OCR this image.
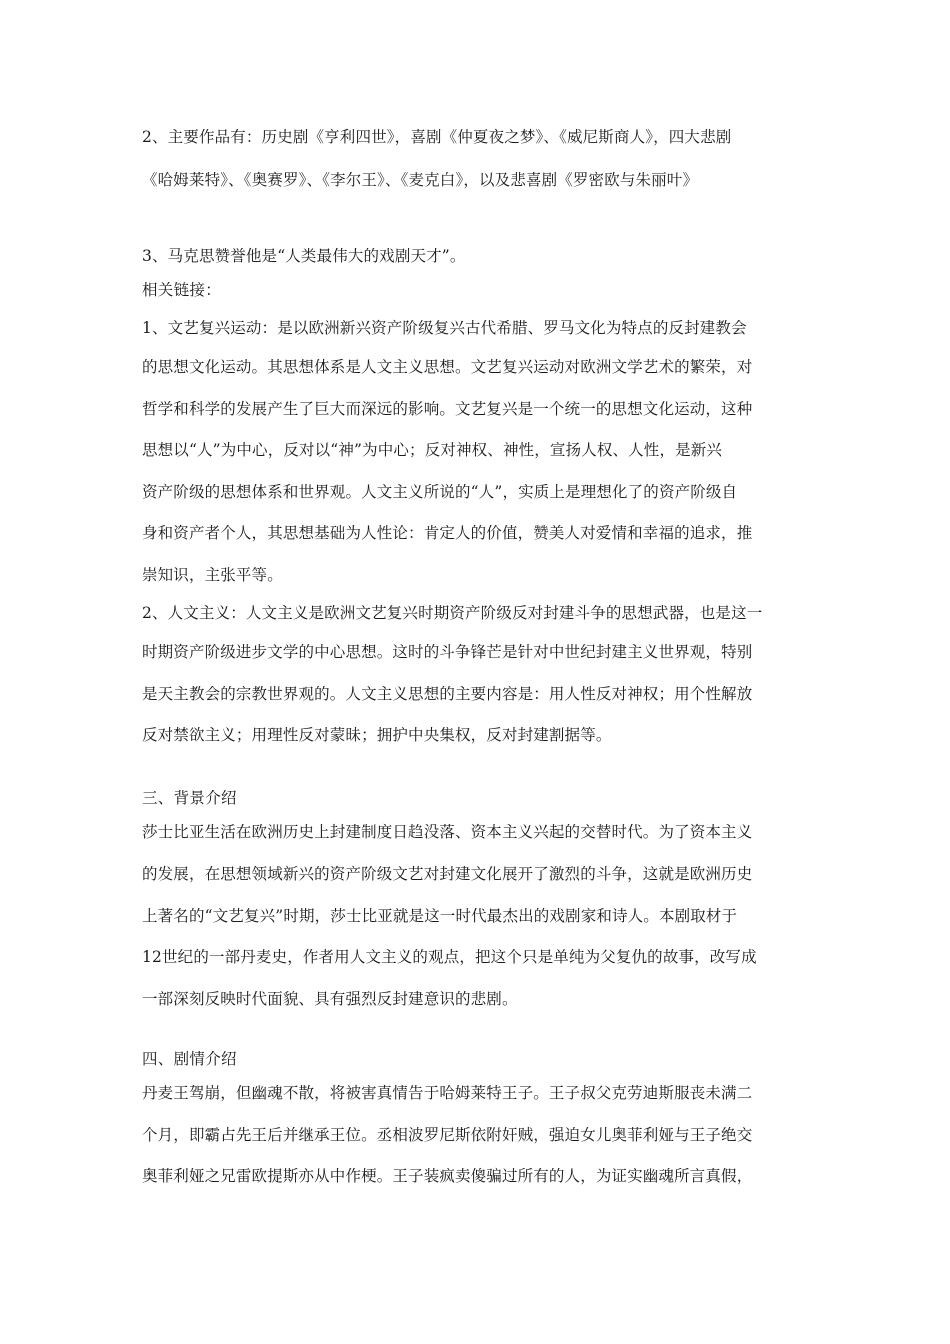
2、主要作品有：历史剧《亨利四世》，喜剧《仲夏夜之梦》、《威尼斯商人》，四大悲剧
《哈姆莱特》、《奥赛罗》、《李尔王》、《麦克白》，以及悲喜剧《罗密欧与朱丽叶》
3、马克思赞誉他是“人类最伟大的戏剧天才”。
相关链接：
1、文艺复兴运动：是以欧洲新兴资产阶级复兴古代希腊、罗马文化为特点的反封建教会
的思想文化运动。其思想体系是人文主义思想。文艺复兴运动对欧洲文学艺术的繁荣，对
哲学和科学的发展产生了巨大而深远的影响。文艺复兴是一个统一的思想文化运动，这种
思想以“人”为中心，反对以“神”为中心；反对神权、神性，宣扬人权、人性，是新兴
资产阶级的思想体系和世界观。人文主义所说的“人”，实质上是理想化了的资产阶级自
身和资产者个人，其思想基础为人性论：肯定人的价值，赞美人对爱情和幸福的追求，推
崇知识，主张平等。
2、人文主义：人文主义是欧洲文艺复兴时期资产阶级反对封建斗争的思想武器，也是这一
时期资产阶级进步文学的中心思想。这时的斗争锋芒是针对中世纪封建主义世界观，特别
是天主教会的宗教世界观的。人文主义思想的主要内容是：用人性反对神权；用个性解放
反对禁欲主义；用理性反对蒙昧；拥护中央集权，反对封建割据等。
三、背景介绍
莎士比亚生活在欧洲历史上封建制度日趋没落、资本主义兴起的交替时代。为了资本主义
的发展，在思想领域新兴的资产阶级文艺对封建文化展开了激烈的斗争，这就是欧洲历史
上著名的“文艺复兴”时期，莎士比亚就是这一时代最杰出的戏剧家和诗人。本剧取材于
12世纪的一部丹麦史，作者用人文主义的观点，把这个只是单纯为父复仇的故事，改写成
一部深刻反映时代面貌、具有强烈反封建意识的悲剧。
四、剧情介绍
丹麦王驾崩，但幽魂不散，将被害真情告于哈姆莱特王子。王子叔父克劳迪斯服丧未满二
个月，即霸占先王后并继承王位。丞相波罗尼斯依附奸贼，强迫女儿奥菲利娅与王子绝交
奥菲利娅之兄雷欧提斯亦从中作梗。王子装疯卖傻骗过所有的人，为证实幽魂所言真假，
